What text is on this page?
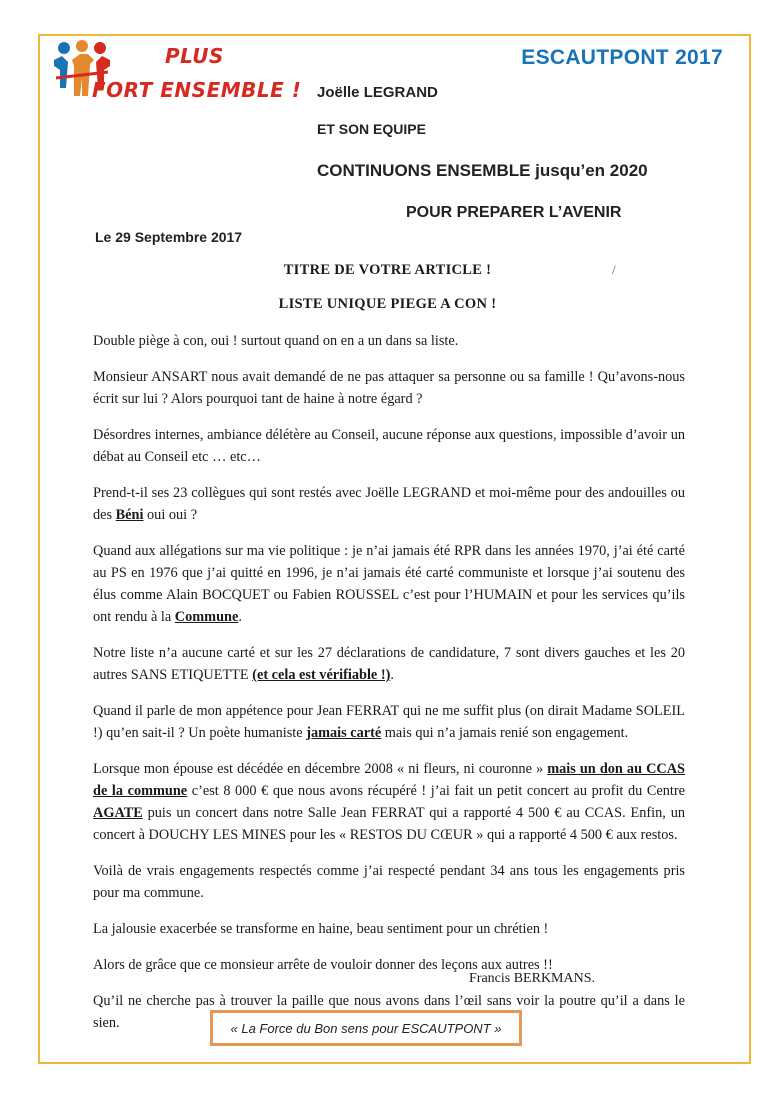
PLUS
FORT ENSEMBLE !
ESCAUTPONT 2017
Joëlle LEGRAND
ET SON EQUIPE
CONTINUONS ENSEMBLE jusqu’en 2020
POUR PREPARER L’AVENIR
Le 29 Septembre 2017
TITRE DE VOTRE ARTICLE !	/
LISTE UNIQUE PIEGE A CON !

Double piège à con, oui ! surtout quand on en a un dans sa liste.

Monsieur ANSART nous avait demandé de ne pas attaquer sa personne ou sa famille ! Qu’avons-nous écrit sur lui ? Alors pourquoi tant de haine à notre égard ?

Désordres internes, ambiance délétère au Conseil, aucune réponse aux questions, impossible d’avoir un débat au Conseil etc … etc…

Prend-t-il ses 23 collègues qui sont restés avec Joëlle LEGRAND et moi-même pour des andouilles ou des Béni oui oui ?

Quand aux allégations sur ma vie politique : je n’ai jamais été RPR dans les années 1970, j’ai été carté au PS en 1976 que j’ai quitté en 1996, je n’ai jamais été carté communiste et lorsque j’ai soutenu des élus comme Alain BOCQUET ou Fabien ROUSSEL c’est pour l’HUMAIN et pour les services qu’ils ont rendu à la Commune.

Notre liste n’a aucune carté et sur les 27 déclarations de candidature, 7 sont divers gauches et les 20 autres SANS ETIQUETTE (et cela est vérifiable !).

Quand il parle de mon appétence pour Jean FERRAT qui ne me suffit plus (on dirait Madame SOLEIL !) qu’en sait-il ? Un poète humaniste jamais carté mais qui n’a jamais renié son engagement.

Lorsque mon épouse est décédée en décembre 2008 « ni fleurs, ni couronne » mais un don au CCAS de la commune c’est 8 000 € que nous avons récupéré ! j’ai fait un petit concert au profit du Centre AGATE puis un concert dans notre Salle Jean FERRAT qui a rapporté 4 500 € au CCAS. Enfin, un concert à DOUCHY LES MINES pour les « RESTOS DU CŒUR » qui a rapporté 4 500 € aux restos.

Voilà de vrais engagements respectés comme j’ai respecté pendant 34 ans tous les engagements pris pour ma commune.

La jalousie exacerbée se transforme en haine, beau sentiment pour un chrétien !

Alors de grâce que ce monsieur arrête de vouloir donner des leçons aux autres !!

Qu’il ne cherche pas à trouver la paille que nous avons dans l’œil sans voir la poutre qu’il a dans le sien.

Francis BERKMANS.
« La Force du Bon sens pour ESCAUTPONT »
